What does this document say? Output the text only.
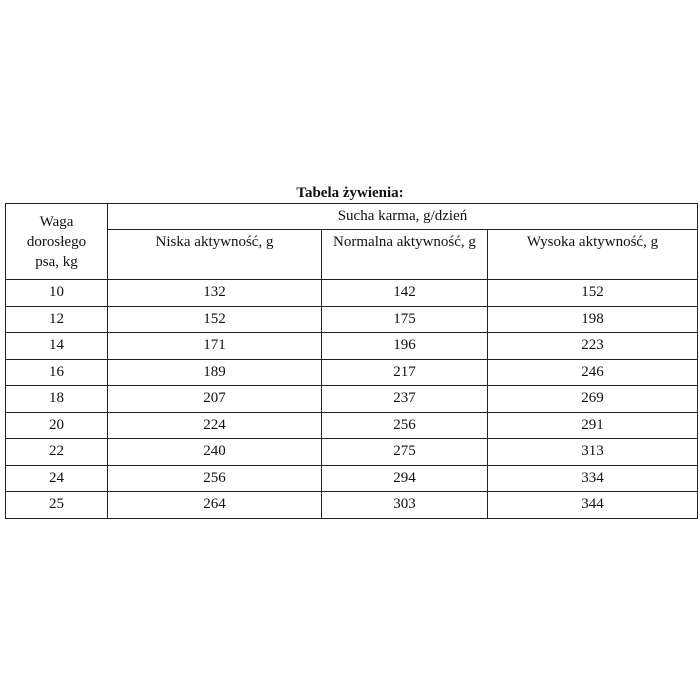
Tabela żywienia:
Waga
dorosłego
psa, kg	Sucha karma, g/dzień		
	Niska aktywność, g	Normalna aktywność, g	Wysoka aktywność, g
10	132	142	152
12	152	175	198
14	171	196	223
16	189	217	246
18	207	237	269
20	224	256	291
22	240	275	313
24	256	294	334
25	264	303	344
